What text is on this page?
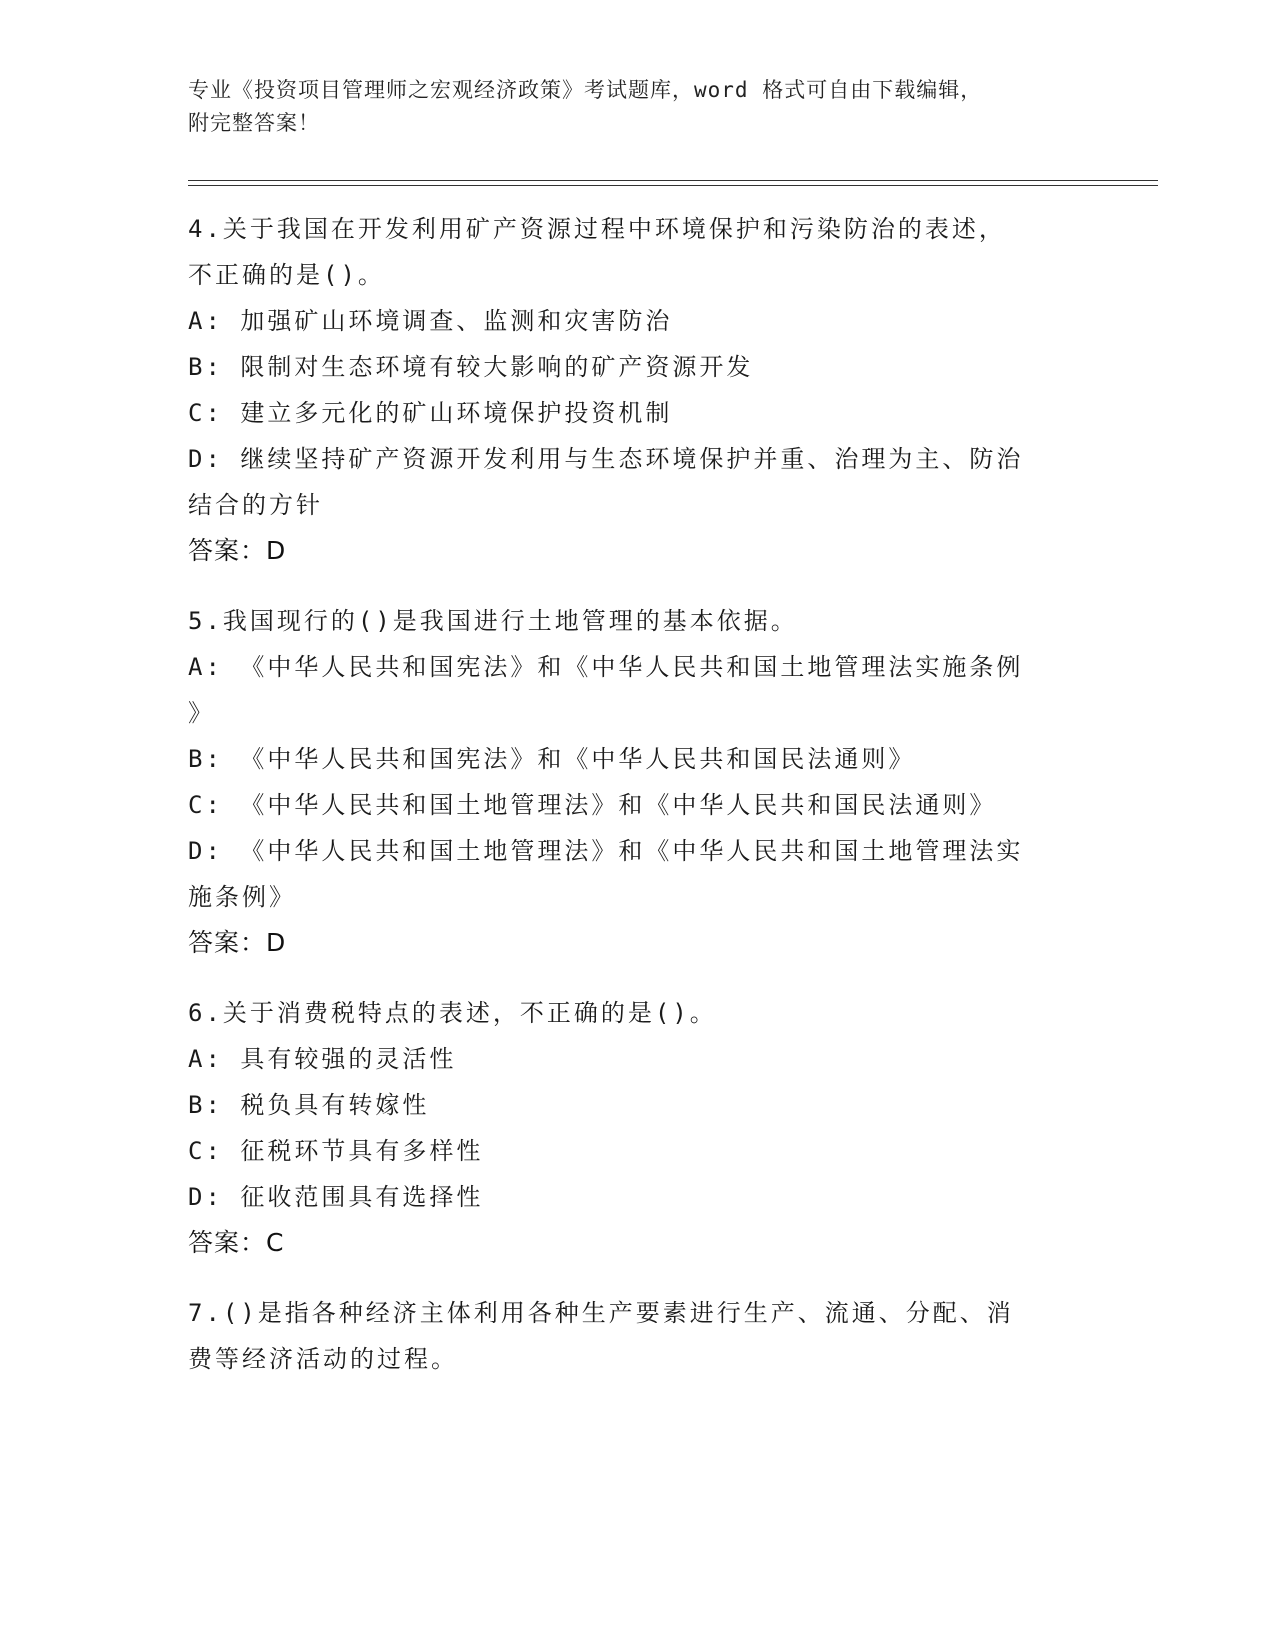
专业《投资项目管理师之宏观经济政策》考试题库，word 格式可自由下载编辑，
附完整答案！
4.关于我国在开发利用矿产资源过程中环境保护和污染防治的表述，
不正确的是()。
A: 加强矿山环境调查、监测和灾害防治
B: 限制对生态环境有较大影响的矿产资源开发
C: 建立多元化的矿山环境保护投资机制
D: 继续坚持矿产资源开发利用与生态环境保护并重、治理为主、防治
结合的方针
答案：D
5.我国现行的()是我国进行土地管理的基本依据。
A: 《中华人民共和国宪法》和《中华人民共和国土地管理法实施条例
》
B: 《中华人民共和国宪法》和《中华人民共和国民法通则》
C: 《中华人民共和国土地管理法》和《中华人民共和国民法通则》
D: 《中华人民共和国土地管理法》和《中华人民共和国土地管理法实
施条例》
答案：D
6.关于消费税特点的表述，不正确的是()。
A: 具有较强的灵活性
B: 税负具有转嫁性
C: 征税环节具有多样性
D: 征收范围具有选择性
答案：C
7.()是指各种经济主体利用各种生产要素进行生产、流通、分配、消
费等经济活动的过程。
